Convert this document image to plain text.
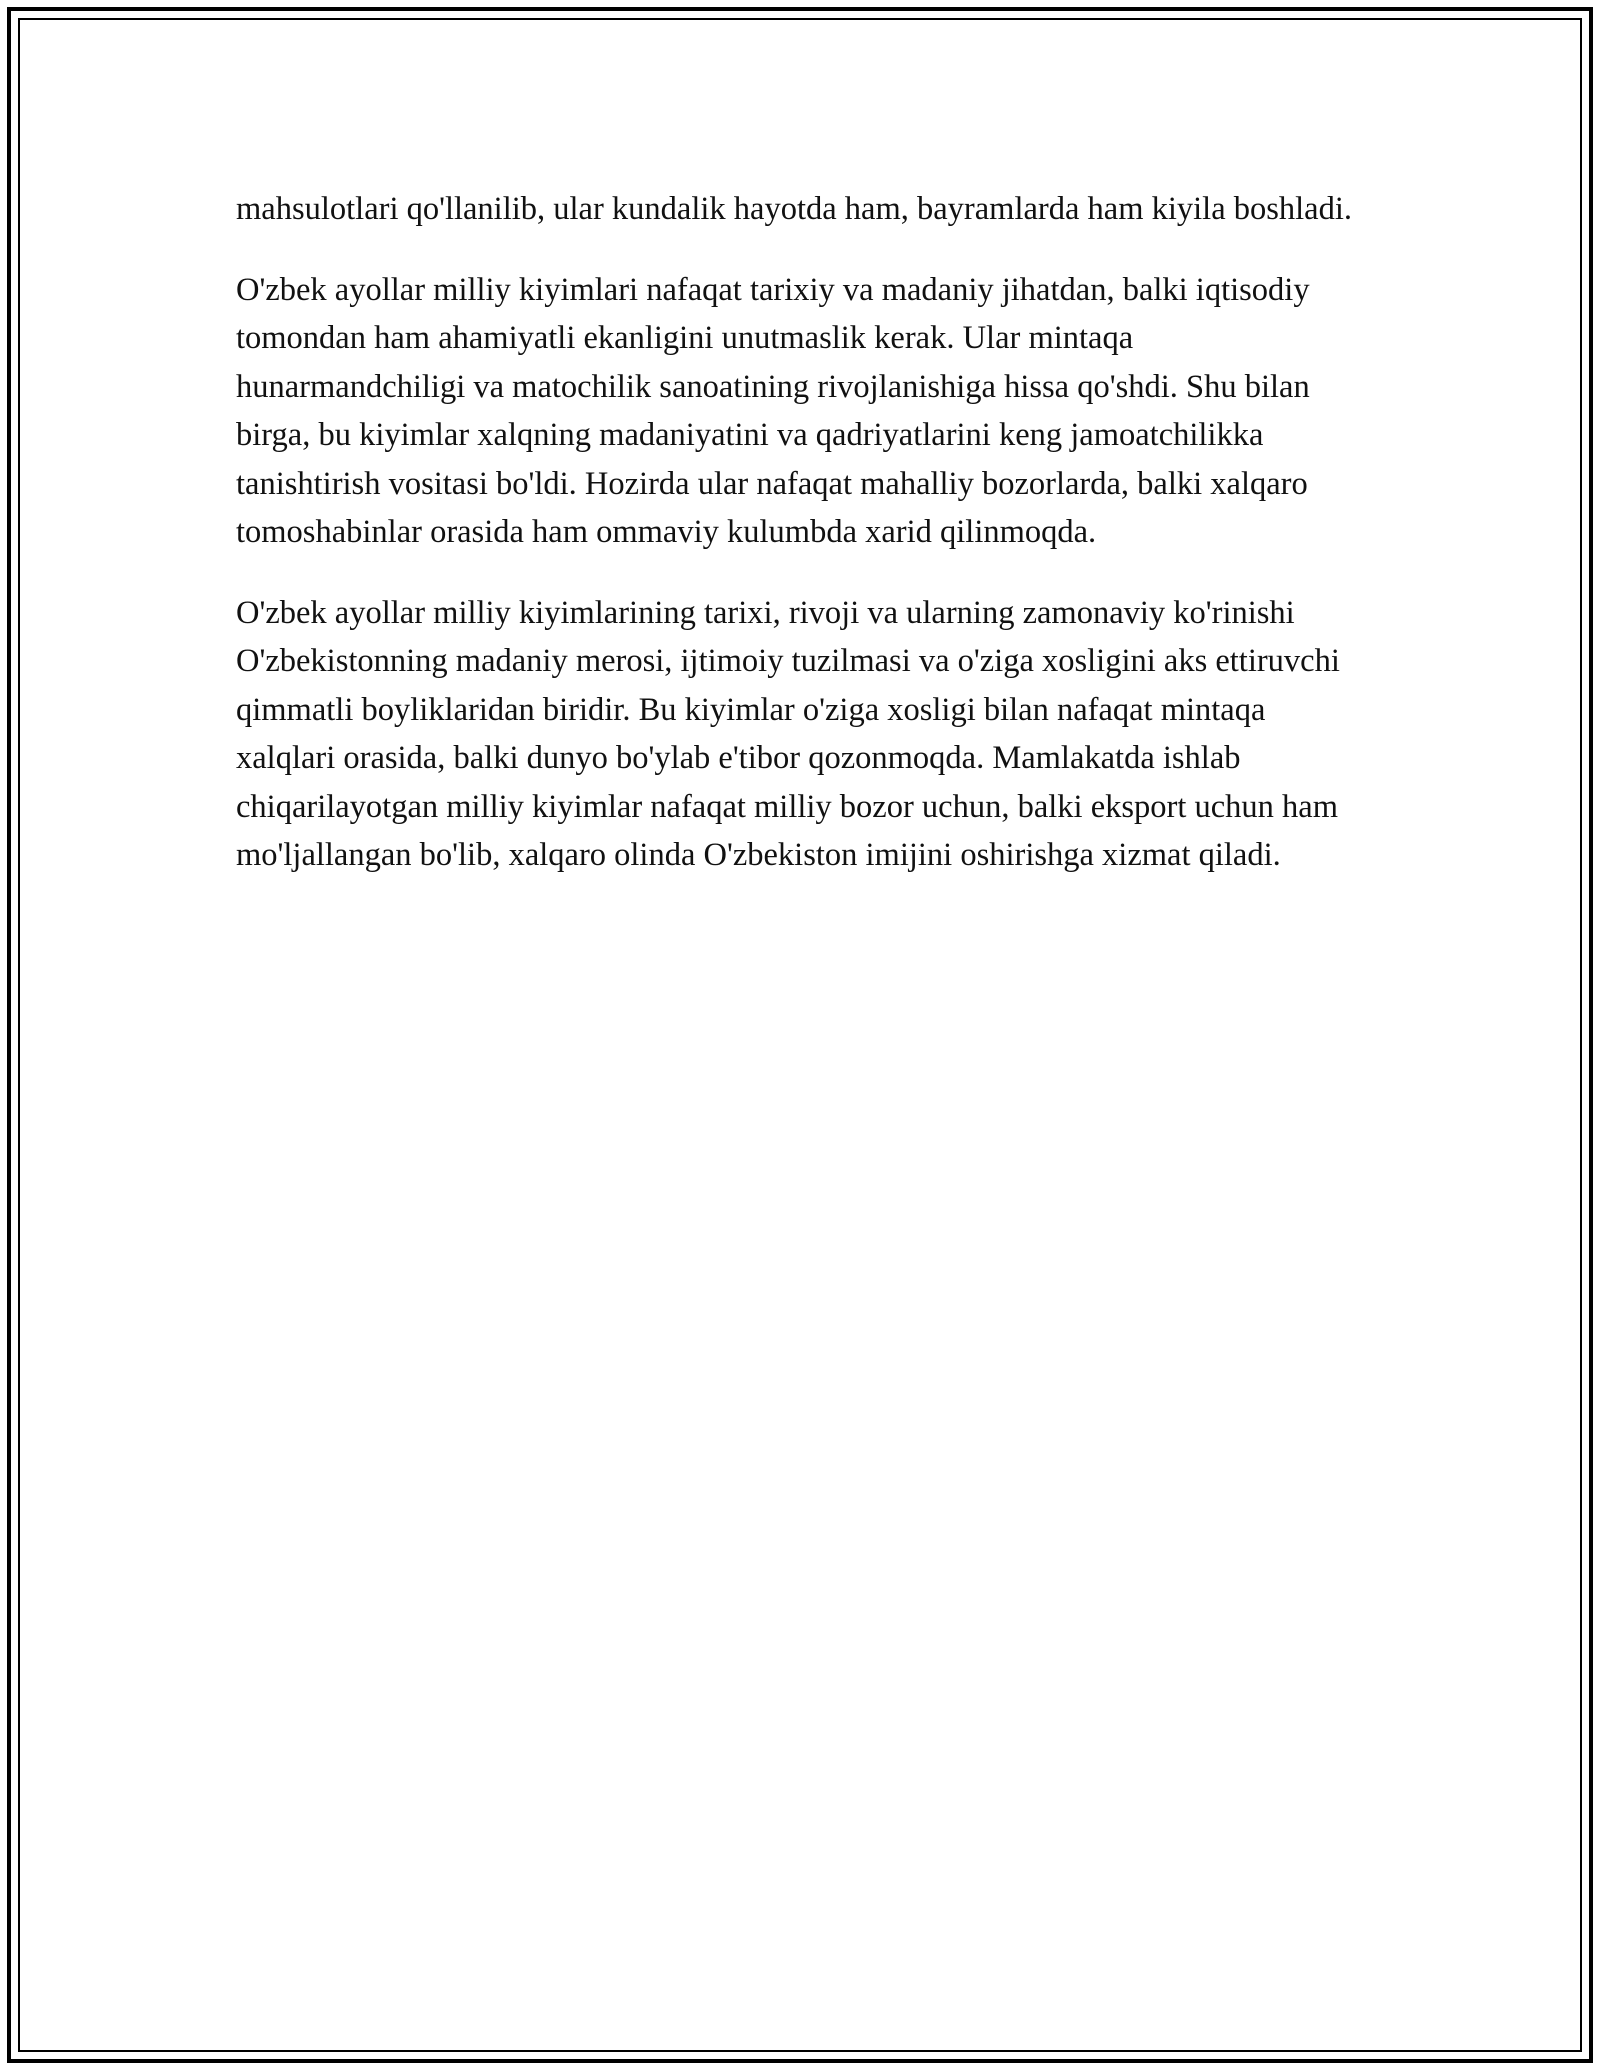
mahsulotlari qo'llanilib, ular kundalik hayotda ham, bayramlarda ham kiyila boshladi.

O'zbek ayollar milliy kiyimlari nafaqat tarixiy va madaniy jihatdan, balki iqtisodiy tomondan ham ahamiyatli ekanligini unutmaslik kerak. Ular mintaqa hunarmandchiligi va matochilik sanoatining rivojlanishiga hissa qo'shdi. Shu bilan birga, bu kiyimlar xalqning madaniyatini va qadriyatlarini keng jamoatchilikka tanishtirish vositasi bo'ldi. Hozirda ular nafaqat mahalliy bozorlarda, balki xalqaro tomoshabinlar orasida ham ommaviy kulumbda xarid qilinmoqda.

O'zbek ayollar milliy kiyimlarining tarixi, rivoji va ularning zamonaviy ko'rinishi O'zbekistonning madaniy merosi, ijtimoiy tuzilmasi va o'ziga xosligini aks ettiruvchi qimmatli boyliklaridan biridir. Bu kiyimlar o'ziga xosligi bilan nafaqat mintaqa xalqlari orasida, balki dunyo bo'ylab e'tibor qozonmoqda. Mamlakatda ishlab chiqarilayotgan milliy kiyimlar nafaqat milliy bozor uchun, balki eksport uchun ham mo'ljallangan bo'lib, xalqaro olinda O'zbekiston imijini oshirishga xizmat qiladi.
